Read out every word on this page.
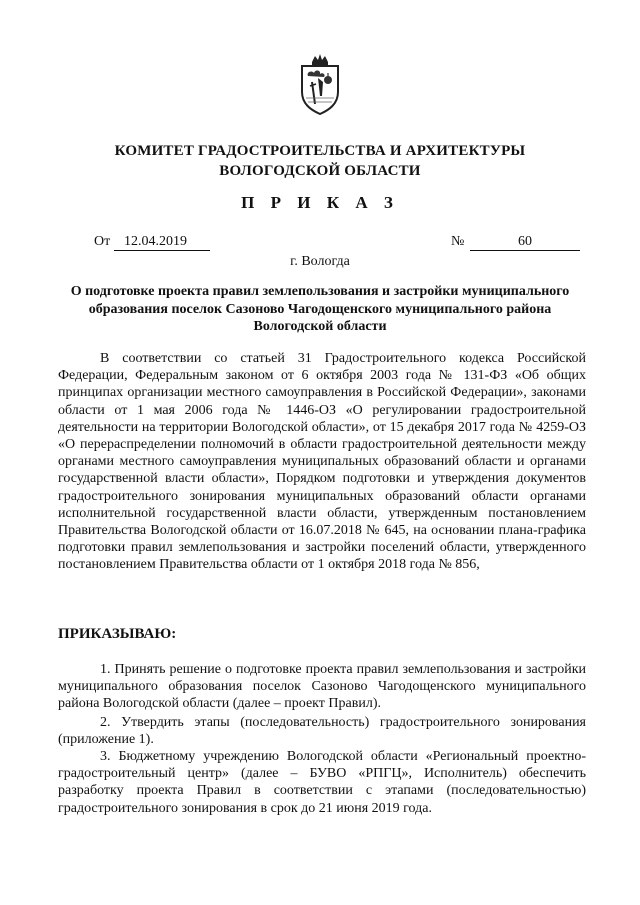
КОМИТЕТ ГРАДОСТРОИТЕЛЬСТВА И АРХИТЕКТУРЫ
ВОЛОГОДСКОЙ ОБЛАСТИ
П Р И К А З
От 12.04.2019	№	60
г. Вологда
О подготовке проекта правил землепользования и застройки муниципального образования поселок Сазоново Чагодощенского муниципального района Вологодской области
В соответствии со статьей 31 Градостроительного кодекса Российской Федерации, Федеральным законом от 6 октября 2003 года № 131-ФЗ «Об общих принципах организации местного самоуправления в Российской Федерации», законами области от 1 мая 2006 года № 1446-ОЗ «О регулировании градостроительной деятельности на территории Вологодской области», от 15 декабря 2017 года № 4259-ОЗ «О перераспределении полномочий в области градостроительной деятельности между органами местного самоуправления муниципальных образований области и органами государственной власти области», Порядком подготовки и утверждения документов градостроительного зонирования муниципальных образований области органами исполнительной государственной власти области, утвержденным постановлением Правительства Вологодской области от 16.07.2018 № 645, на основании плана-графика подготовки правил землепользования и застройки поселений области, утвержденного постановлением Правительства области от 1 октября 2018 года № 856,
ПРИКАЗЫВАЮ:
1. Принять решение о подготовке проекта правил землепользования и застройки муниципального образования поселок Сазоново Чагодощенского муниципального района Вологодской области (далее – проект Правил).
2. Утвердить этапы (последовательность) градостроительного зонирования (приложение 1).
3. Бюджетному учреждению Вологодской области «Региональный проектно-градостроительный центр» (далее – БУВО «РПГЦ», Исполнитель) обеспечить разработку проекта Правил в соответствии с этапами (последовательностью) градостроительного зонирования в срок до 21 июня 2019 года.
